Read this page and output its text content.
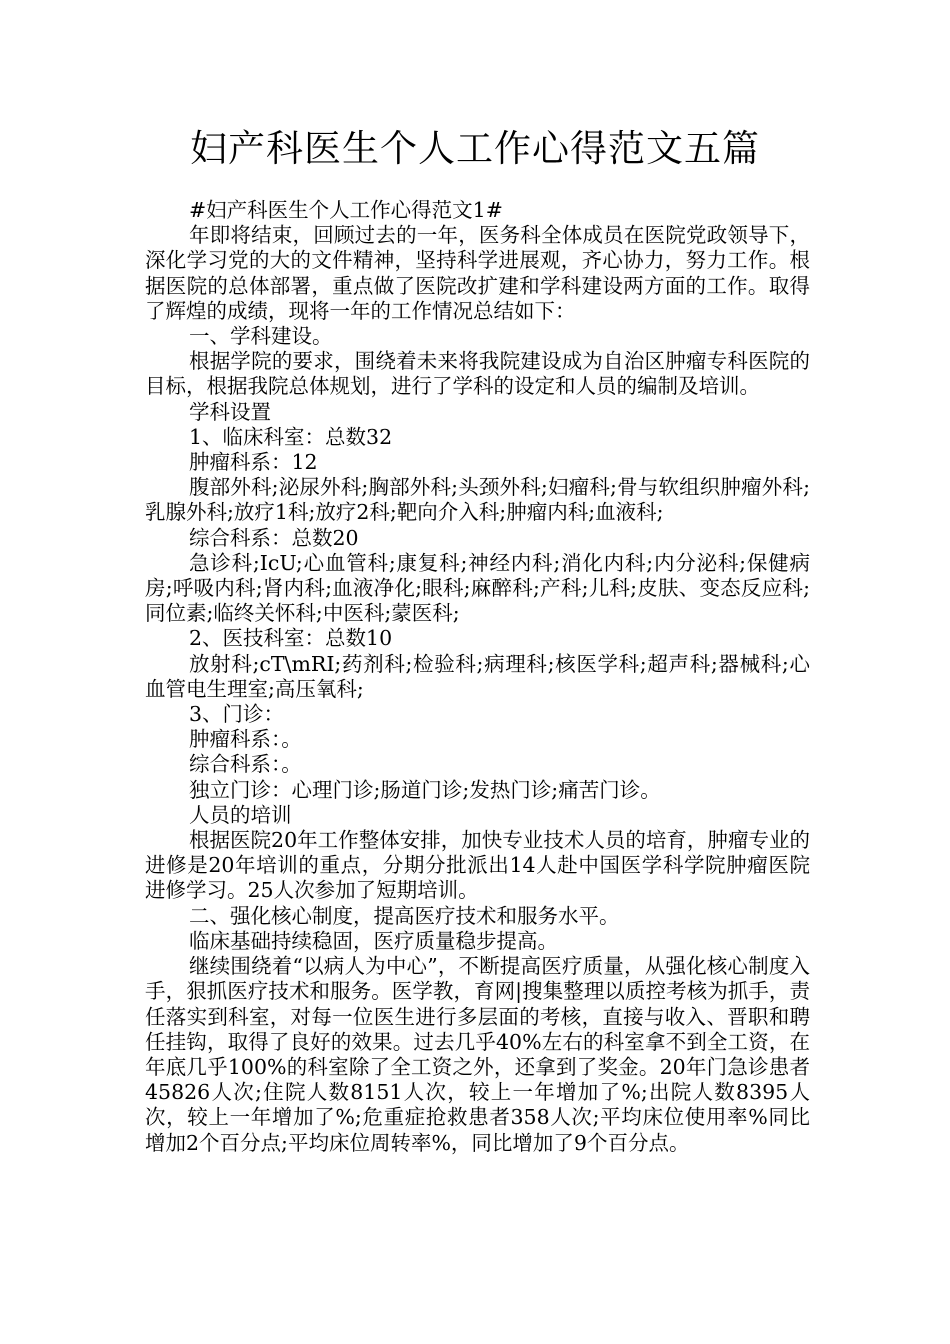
妇产科医生个人工作心得范文五篇

#妇产科医生个人工作心得范文1#

年即将结束，回顾过去的一年，医务科全体成员在医院党政领导下，深化学习党的大的文件精神，坚持科学进展观，齐心协力，努力工作。根据医院的总体部署，重点做了医院改扩建和学科建设两方面的工作。取得了辉煌的成绩，现将一年的工作情况总结如下：

一、学科建设。

根据学院的要求，围绕着未来将我院建设成为自治区肿瘤专科医院的目标，根据我院总体规划，进行了学科的设定和人员的编制及培训。

学科设置

1、临床科室：总数32

肿瘤科系：12

腹部外科;泌尿外科;胸部外科;头颈外科;妇瘤科;骨与软组织肿瘤外科;乳腺外科;放疗1科;放疗2科;靶向介入科;肿瘤内科;血液科;

综合科系：总数20

急诊科;IcU;心血管科;康复科;神经内科;消化内科;内分泌科;保健病房;呼吸内科;肾内科;血液净化;眼科;麻醉科;产科;儿科;皮肤、变态反应科;同位素;临终关怀科;中医科;蒙医科;

2、医技科室：总数10

放射科;cT\mRI;药剂科;检验科;病理科;核医学科;超声科;器械科;心血管电生理室;高压氧科;

3、门诊：

肿瘤科系：。

综合科系：。

独立门诊：心理门诊;肠道门诊;发热门诊;痛苦门诊。

人员的培训

根据医院20年工作整体安排，加快专业技术人员的培育，肿瘤专业的进修是20年培训的重点，分期分批派出14人赴中国医学科学院肿瘤医院进修学习。25人次参加了短期培训。

二、强化核心制度，提高医疗技术和服务水平。

临床基础持续稳固，医疗质量稳步提高。

继续围绕着“以病人为中心”，不断提高医疗质量，从强化核心制度入手，狠抓医疗技术和服务。医学教，育网|搜集整理以质控考核为抓手，责任落实到科室，对每一位医生进行多层面的考核，直接与收入、晋职和聘任挂钩，取得了良好的效果。过去几乎40%左右的科室拿不到全工资，在年底几乎100%的科室除了全工资之外，还拿到了奖金。20年门急诊患者45826人次;住院人数8151人次，较上一年增加了%;出院人数8395人次，较上一年增加了%;危重症抢救患者358人次;平均床位使用率%同比增加2个百分点;平均床位周转率%，同比增加了9个百分点。
